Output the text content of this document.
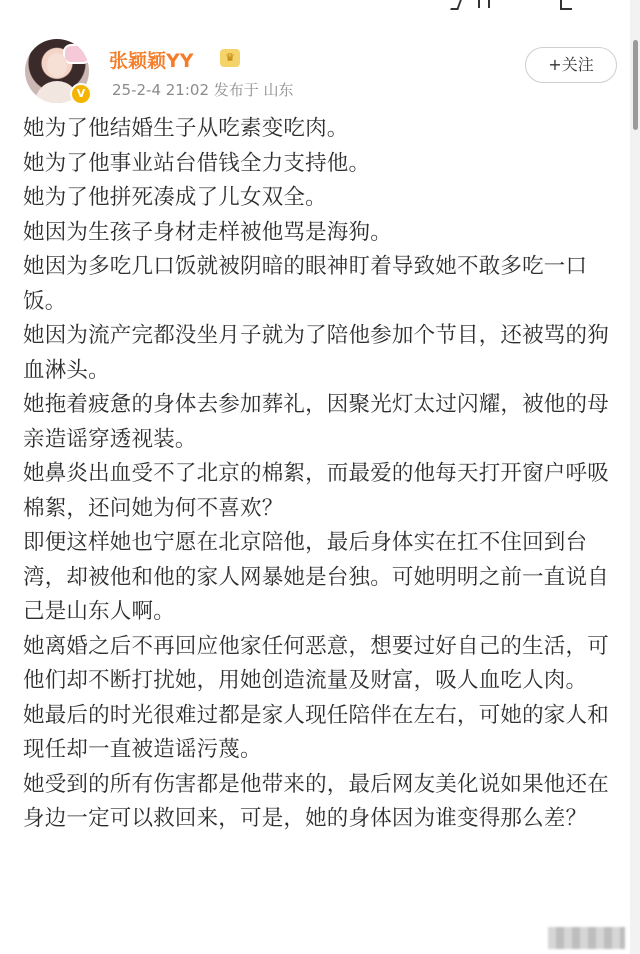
V
张颖颖YY	♛
25-2-4 21:02 发布于 山东
+关注

她为了他结婚生子从吃素变吃肉。

她为了他事业站台借钱全力支持他。

她为了他拼死凑成了儿女双全。

她因为生孩子身材走样被他骂是海狗。

她因为多吃几口饭就被阴暗的眼神盯着导致她不敢多吃一口饭。

她因为流产完都没坐月子就为了陪他参加个节目，还被骂的狗血淋头。

她拖着疲惫的身体去参加葬礼，因聚光灯太过闪耀，被他的母亲造谣穿透视装。

她鼻炎出血受不了北京的棉絮，而最爱的他每天打开窗户呼吸棉絮，还问她为何不喜欢？

即便这样她也宁愿在北京陪他，最后身体实在扛不住回到台湾，却被他和他的家人网暴她是台独。可她明明之前一直说自己是山东人啊。

她离婚之后不再回应他家任何恶意，想要过好自己的生活，可他们却不断打扰她，用她创造流量及财富，吸人血吃人肉。

她最后的时光很难过都是家人现任陪伴在左右，可她的家人和现任却一直被造谣污蔑。

她受到的所有伤害都是他带来的，最后网友美化说如果他还在身边一定可以救回来，可是，她的身体因为谁变得那么差？
